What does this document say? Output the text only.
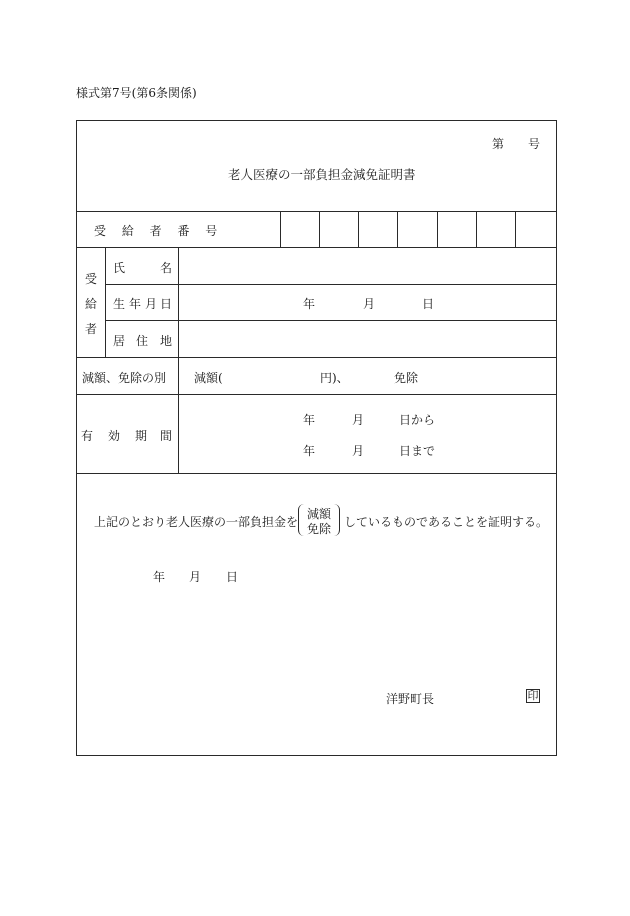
様式第7号(第6条関係)
第 号
老人医療の一部負担金減免証明書
受 給 者 番 号
受
給
者
氏	名
生 年 月 日	年	月	日
居 住 地
減額、免除の別 減額(	円)、	免除
有 効 期 間
年	月	日から
年	月	日まで
上記のとおり老人医療の一部負担金を
減額
免除	しているものであることを証明する。
年 月 日
洋野町長	印
